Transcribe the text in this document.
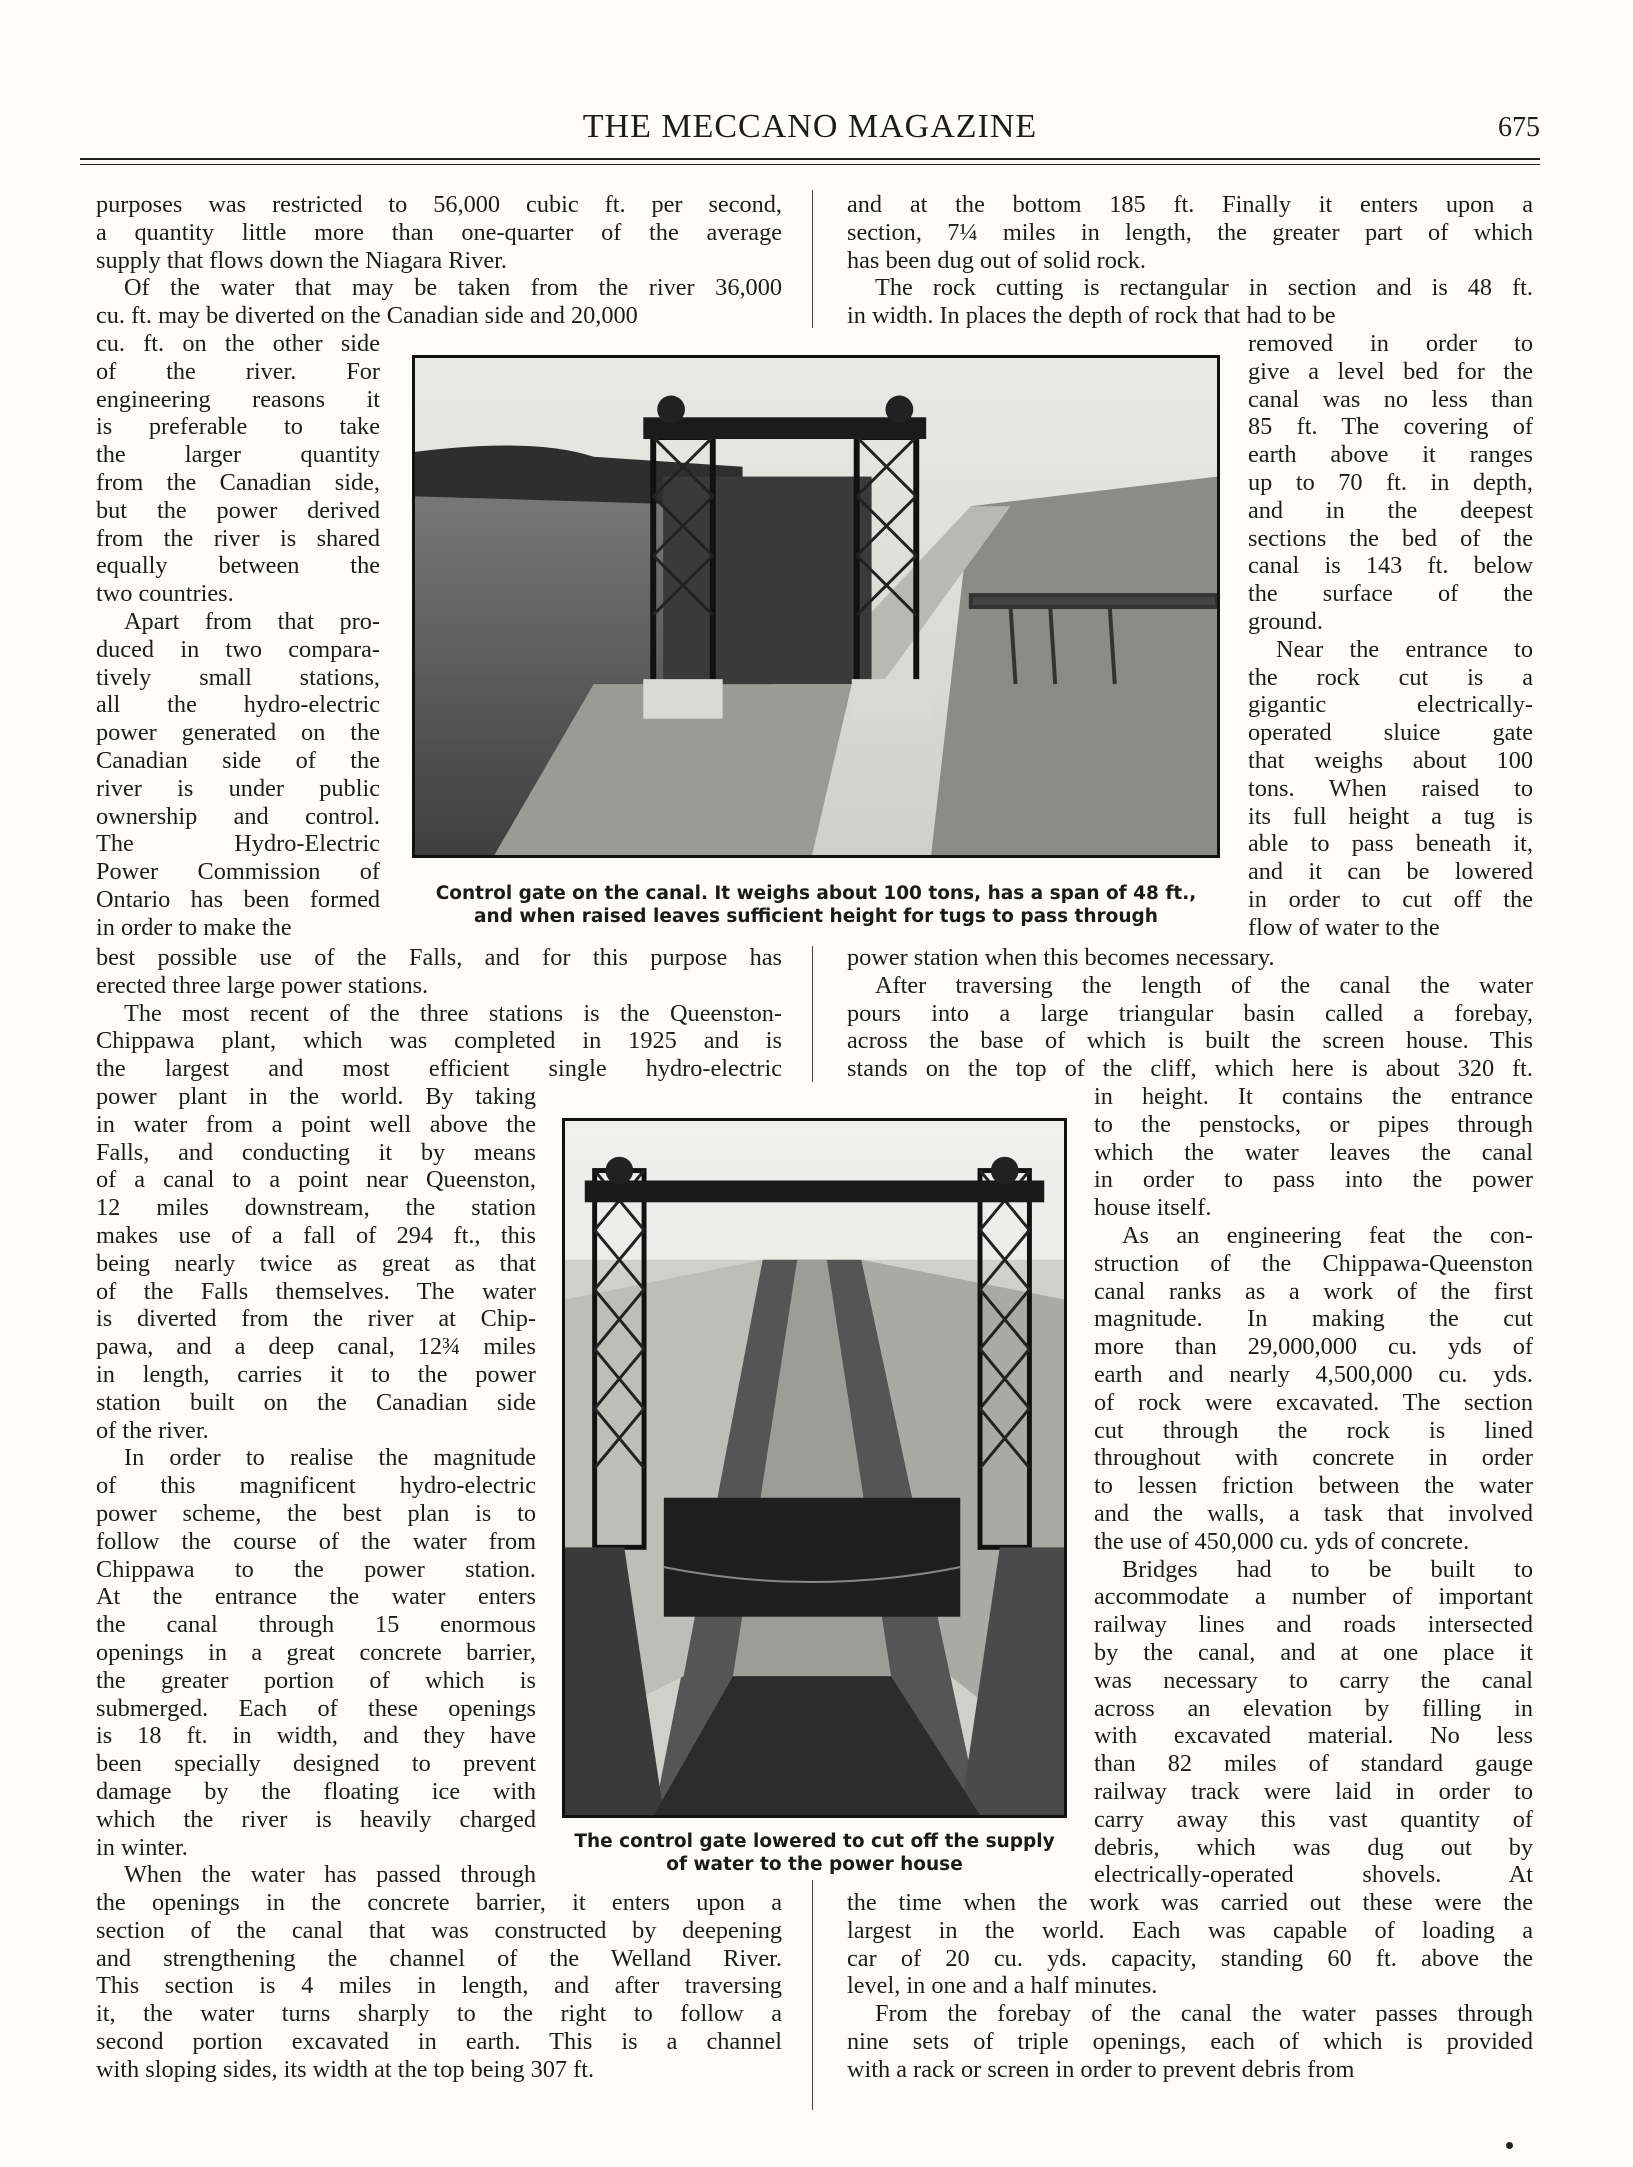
THE MECCANO MAGAZINE	675
purposes was restricted to 56,000 cubic ft. per second,
a quantity little more than one-quarter of the average
supply that flows down the Niagara River.
Of the water that may be taken from the river 36,000
cu. ft. may be diverted on the Canadian side and 20,000
cu. ft. on the other side
of the river. For
engineering reasons it
is preferable to take
the larger quantity
from the Canadian side,
but the power derived
from the river is shared
equally between the
two countries.
Apart from that pro-
duced in two compara-
tively small stations,
all the hydro-electric
power generated on the
Canadian side of the
river is under public
ownership and control.
The Hydro-Electric
Power Commission of
Ontario has been formed
in order to make the
best possible use of the Falls, and for this purpose has
erected three large power stations.
The most recent of the three stations is the Queenston-
Chippawa plant, which was completed in 1925 and is
the largest and most efficient single hydro-electric
power plant in the world. By taking
in water from a point well above the
Falls, and conducting it by means
of a canal to a point near Queenston,
12 miles downstream, the station
makes use of a fall of 294 ft., this
being nearly twice as great as that
of the Falls themselves. The water
is diverted from the river at Chip-
pawa, and a deep canal, 12¾ miles
in length, carries it to the power
station built on the Canadian side
of the river.
In order to realise the magnitude
of this magnificent hydro-electric
power scheme, the best plan is to
follow the course of the water from
Chippawa to the power station.
At the entrance the water enters
the canal through 15 enormous
openings in a great concrete barrier,
the greater portion of which is
submerged. Each of these openings
is 18 ft. in width, and they have
been specially designed to prevent
damage by the floating ice with
which the river is heavily charged
in winter.
When the water has passed through
the openings in the concrete barrier, it enters upon a
section of the canal that was constructed by deepening
and strengthening the channel of the Welland River.
This section is 4 miles in length, and after traversing
it, the water turns sharply to the right to follow a
second portion excavated in earth. This is a channel
with sloping sides, its width at the top being 307 ft.
and at the bottom 185 ft. Finally it enters upon a
section, 7¼ miles in length, the greater part of which
has been dug out of solid rock.
The rock cutting is rectangular in section and is 48 ft.
in width. In places the depth of rock that had to be
removed in order to
give a level bed for the
canal was no less than
85 ft. The covering of
earth above it ranges
up to 70 ft. in depth,
and in the deepest
sections the bed of the
canal is 143 ft. below
the surface of the
ground.
Near the entrance to
the rock cut is a
gigantic electrically-
operated sluice gate
that weighs about 100
tons. When raised to
its full height a tug is
able to pass beneath it,
and it can be lowered
in order to cut off the
flow of water to the
power station when this becomes necessary.
After traversing the length of the canal the water
pours into a large triangular basin called a forebay,
across the base of which is built the screen house. This
stands on the top of the cliff, which here is about 320 ft.
in height. It contains the entrance
to the penstocks, or pipes through
which the water leaves the canal
in order to pass into the power
house itself.
As an engineering feat the con-
struction of the Chippawa-Queenston
canal ranks as a work of the first
magnitude. In making the cut
more than 29,000,000 cu. yds of
earth and nearly 4,500,000 cu. yds.
of rock were excavated. The section
cut through the rock is lined
throughout with concrete in order
to lessen friction between the water
and the walls, a task that involved
the use of 450,000 cu. yds of concrete.
Bridges had to be built to
accommodate a number of important
railway lines and roads intersected
by the canal, and at one place it
was necessary to carry the canal
across an elevation by filling in
with excavated material. No less
than 82 miles of standard gauge
railway track were laid in order to
carry away this vast quantity of
debris, which was dug out by
electrically-operated shovels. At
the time when the work was carried out these were the
largest in the world. Each was capable of loading a
car of 20 cu. yds. capacity, standing 60 ft. above the
level, in one and a half minutes.
From the forebay of the canal the water passes through
nine sets of triple openings, each of which is provided
with a rack or screen in order to prevent debris from
Control gate on the canal. It weighs about 100 tons, has a span of 48 ft.,
and when raised leaves sufficient height for tugs to pass through
The control gate lowered to cut off the supply
of water to the power house
